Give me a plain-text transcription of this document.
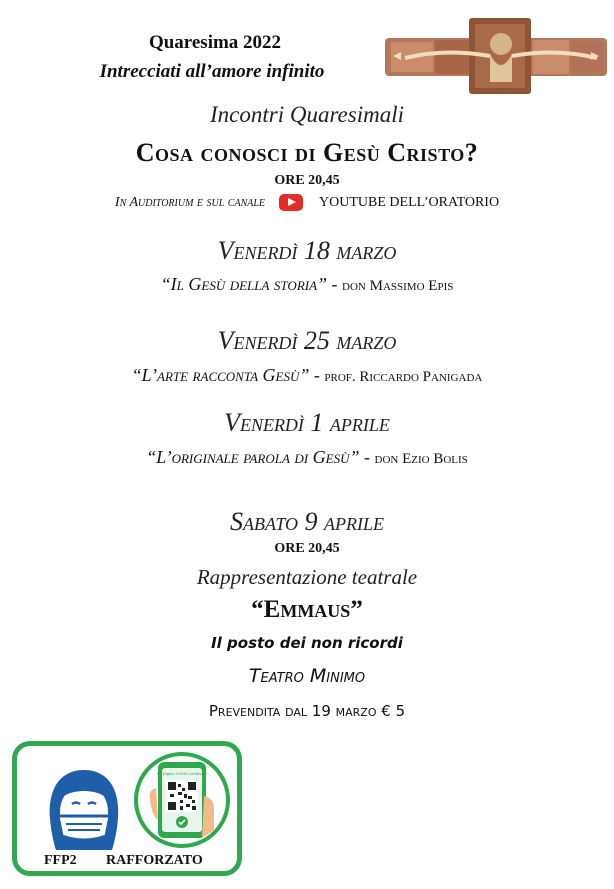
Quaresima 2022
Intrecciati all’amore infinito
Incontri Quaresimali
Cosa conosci di Gesù Cristo?
ORE 20,45
In Auditorium e sul canale	YOUTUBE DELL’ORATORIO
Venerdì 18 marzo
“Il Gesù della storia” - don Massimo Epis
Venerdì 25 marzo
“L’arte racconta Gesù” - prof. Riccardo Panigada
Venerdì 1 aprile
“L’originale parola di Gesù” - don Ezio Bolis
Sabato 9 aprile
ORE 20,45
Rappresentazione teatrale
“Emmaus”
Il posto dei non ricordi
Teatro Minimo
Prevendita dal 19 marzo € 5
EU Digital COVID Certificate
FFP2 RAFFORZATO
